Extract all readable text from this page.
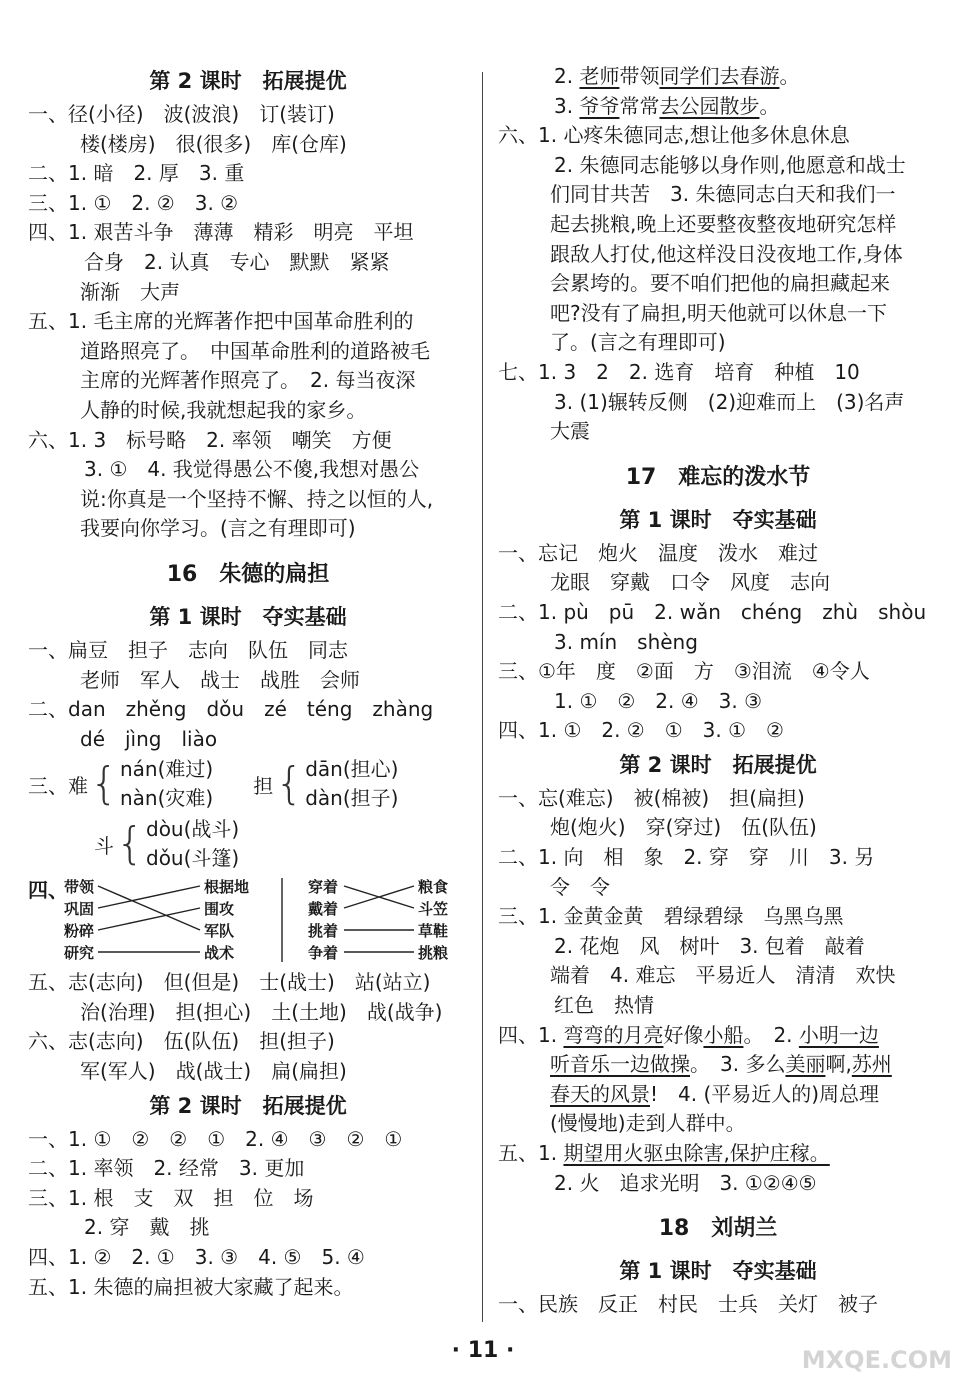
第 2 课时　拓展提优
一、径(小径)　波(波浪)　订(装订)
楼(楼房)　很(很多)　库(仓库)
二、1. 暗　2. 厚　3. 重
三、1. ①　2. ②　3. ②
四、1. 艰苦斗争　薄薄　精彩　明亮　平坦
合身　2. 认真　专心　默默　紧紧
渐渐　大声
五、1. 毛主席的光辉著作把中国革命胜利的
道路照亮了。　中国革命胜利的道路被毛
主席的光辉著作照亮了。　2. 每当夜深
人静的时候,我就想起我的家乡。
六、1. 3　标号略　2. 率领　嘲笑　方便
3. ①　4. 我觉得愚公不傻,我想对愚公
说:你真是一个坚持不懈、持之以恒的人,
我要向你学习。(言之有理即可)
16　朱德的扁担
第 1 课时　夺实基础
一、扁豆　担子　志向　队伍　同志
老师　军人　战士　战胜　会师
二、dan　zhěng　dǒu　zé　téng　zhàng
dé　jìng　liào
三、 难 { nán(难过)
nàn(灾难)
担 { dān(担心)
dàn(担子)
斗 { dòu(战斗)
dǒu(斗篷)
四、
带领
巩固
粉碎
研究
根据地
围攻
军队
战术
穿着
戴着
挑着
争着
粮食
斗笠
草鞋
挑粮
五、志(志向)　但(但是)　士(战士)　站(站立)
治(治理)　担(担心)　土(土地)　战(战争)
六、志(志向)　伍(队伍)　担(担子)
军(军人)　战(战士)　扁(扁担)
第 2 课时　拓展提优
一、1. ①　②　②　①　2. ④　③　②　①
二、1. 率领　2. 经常　3. 更加
三、1. 根　支　双　担　位　场
2. 穿　戴　挑
四、1. ②　2. ①　3. ③　4. ⑤　5. ④
五、1. 朱德的扁担被大家藏了起来。
2. 老师带领同学们去春游。
3. 爷爷常常去公园散步。
六、1. 心疼朱德同志,想让他多休息休息
2. 朱德同志能够以身作则,他愿意和战士
们同甘共苦　3. 朱德同志白天和我们一
起去挑粮,晚上还要整夜整夜地研究怎样
跟敌人打仗,他这样没日没夜地工作,身体
会累垮的。要不咱们把他的扁担藏起来
吧?没有了扁担,明天他就可以休息一下
了。(言之有理即可)
七、1. 3　2　2. 选育　培育　种植　10
3. (1)辗转反侧　(2)迎难而上　(3)名声
大震
17　难忘的泼水节
第 1 课时　夺实基础
一、忘记　炮火　温度　泼水　难过
龙眼　穿戴　口令　风度　志向
二、1. pù　pū　2. wǎn　chéng　zhù　shòu
3. mín　shèng
三、①年　度　②面　方　③泪流　④令人
1. ①　②　2. ④　3. ③
四、1. ①　2. ②　①　3. ①　②
第 2 课时　拓展提优
一、忘(难忘)　被(棉被)　担(扁担)
炮(炮火)　穿(穿过)　伍(队伍)
二、1. 向　相　象　2. 穿　穿　川　3. 另
令　令
三、1. 金黄金黄　碧绿碧绿　乌黑乌黑
2. 花炮　风　树叶　3. 包着　敲着
端着　4. 难忘　平易近人　清清　欢快
红色　热情
四、1. 弯弯的月亮好像小船。　2. 小明一边
听音乐一边做操。　3. 多么美丽啊,苏州
春天的风景!　4. (平易近人的)周总理
(慢慢地)走到人群中。
五、1. 期望用火驱虫除害,保护庄稼。
2. 火　追求光明　3. ①②④⑤
18　刘胡兰
第 1 课时　夺实基础
一、民族　反正　村民　士兵　关灯　被子
· 11 ·	MXQE.COM
